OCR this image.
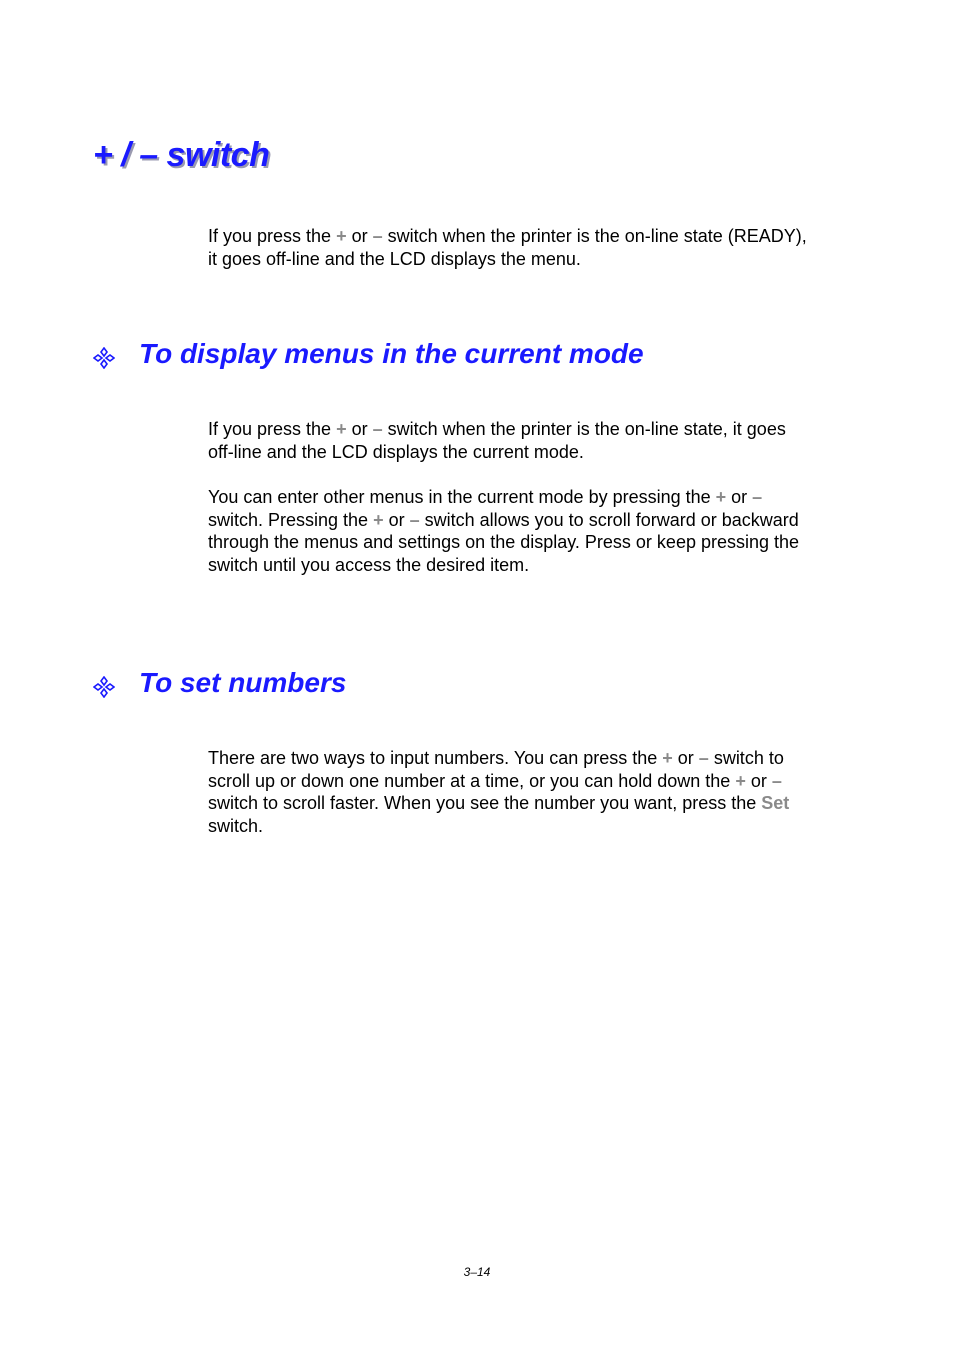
+ / – switch

If you press the + or – switch when the printer is the on-line state (READY),
it goes off-line and the LCD displays the menu.

To display menus in the current mode

If you press the + or – switch when the printer is the on-line state, it goes
off-line and the LCD displays the current mode.

You can enter other menus in the current mode by pressing the + or –
switch. Pressing the + or – switch allows you to scroll forward or backward
through the menus and settings on the display. Press or keep pressing the
switch until you access the desired item.

To set numbers

There are two ways to input numbers. You can press the + or – switch to
scroll up or down one number at a time, or you can hold down the + or –
switch to scroll faster. When you see the number you want, press the Set
switch.

3–14
